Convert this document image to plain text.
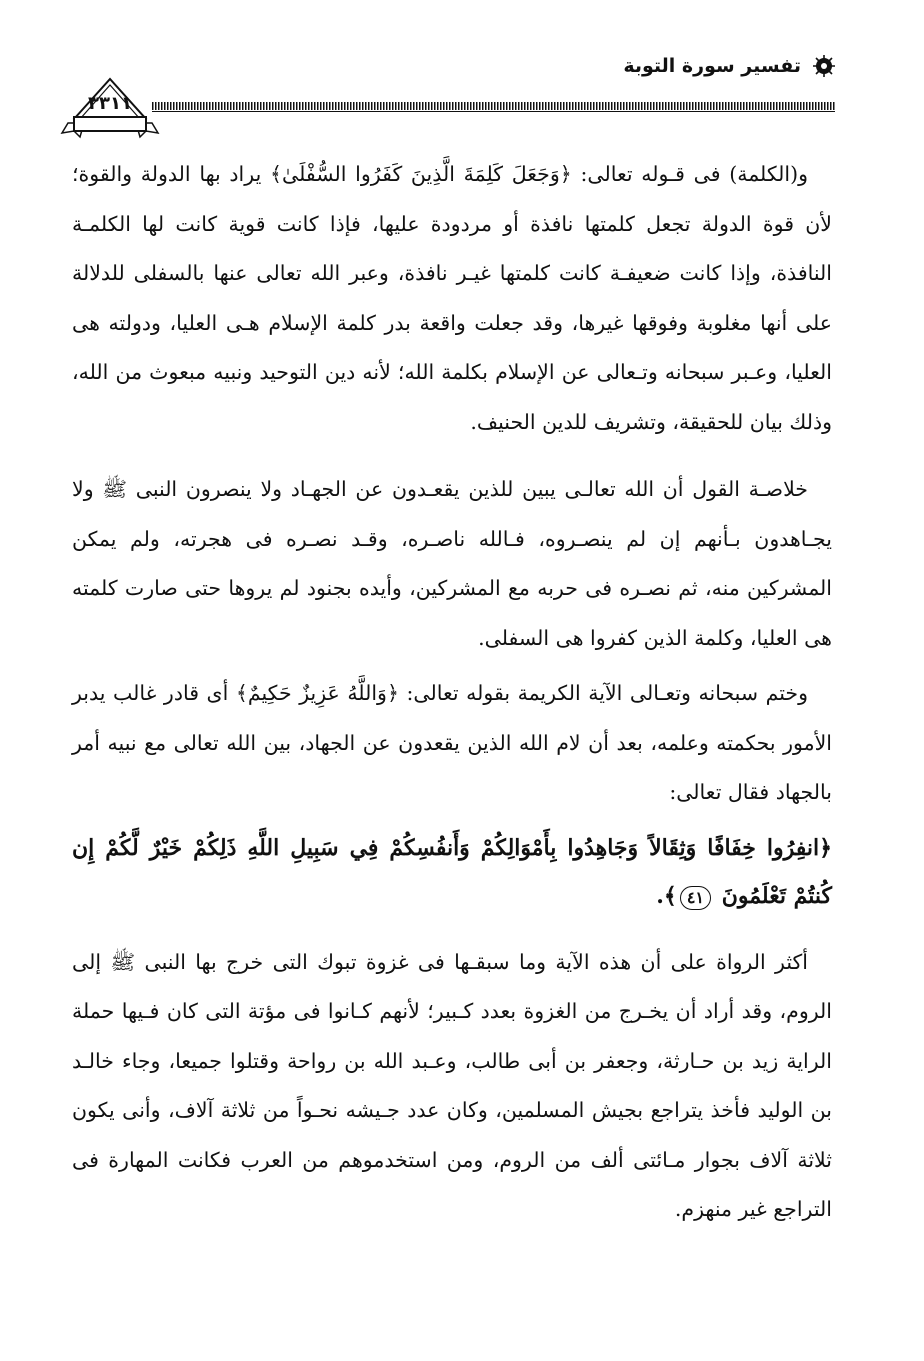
تفسير سورة التوبة
٣٣١١

و(الكلمة) فى قـوله تعالى: ﴿وَجَعَلَ كَلِمَةَ الَّذِينَ كَفَرُوا السُّفْلَىٰ﴾ يراد بها الدولة والقوة؛ لأن قوة الدولة تجعل كلمتها نافذة أو مردودة عليها، فإذا كانت قوية كانت لها الكلمـة النافذة، وإذا كانت ضعيفـة كانت كلمتها غيـر نافذة، وعبر الله تعالى عنها بالسفلى للدلالة على أنها مغلوبة وفوقها غيرها، وقد جعلت واقعة بدر كلمة الإسلام هـى العليا، ودولته هى العليا، وعـبر سبحانه وتـعالى عن الإسلام بكلمة الله؛ لأنه دين التوحيد ونبيه مبعوث من الله، وذلك بيان للحقيقة، وتشريف للدين الحنيف.

خلاصـة القول أن الله تعالـى يبين للذين يقعـدون عن الجهـاد ولا ينصرون النبى ﷺ ولا يجـاهدون بـأنهم إن لم ينصـروه، فـالله ناصـره، وقـد نصـره فى هجرته، ولم يمكن المشركين منه، ثم نصـره فى حربه مع المشركين، وأيده بجنود لم يروها حتى صارت كلمته هى العليا، وكلمة الذين كفروا هى السفلى.

وختم سبحانه وتعـالى الآية الكريمة بقوله تعالى: ﴿وَاللَّهُ عَزِيزٌ حَكِيمٌ﴾ أى قادر غالب يدبر الأمور بحكمته وعلمه، بعد أن لام الله الذين يقعدون عن الجهاد، بين الله تعالى مع نبيه أمر بالجهاد فقال تعالى:

﴿انفِرُوا خِفَافًا وَثِقَالاً وَجَاهِدُوا بِأَمْوَالِكُمْ وَأَنفُسِكُمْ فِي سَبِيلِ اللَّهِ ذَلِكُمْ خَيْرٌ لَّكُمْ إِن كُنتُمْ تَعْلَمُونَ ٤١﴾.

أكثر الرواة على أن هذه الآية وما سبقـها فى غزوة تبوك التى خرج بها النبى ﷺ إلى الروم، وقد أراد أن يخـرج من الغزوة بعدد كـبير؛ لأنهم كـانوا فى مؤتة التى كان فـيها حملة الراية زيد بن حـارثة، وجعفر بن أبى طالب، وعـبد الله بن رواحة وقتلوا جميعا، وجاء خالـد بن الوليد فأخذ يتراجع بجيش المسلمين، وكان عدد جـيشه نحـواً من ثلاثة آلاف، وأنى يكون ثلاثة آلاف بجوار مـائتى ألف من الروم، ومن استخدموهم من العرب فكانت المهارة فى التراجع غير منهزم.
